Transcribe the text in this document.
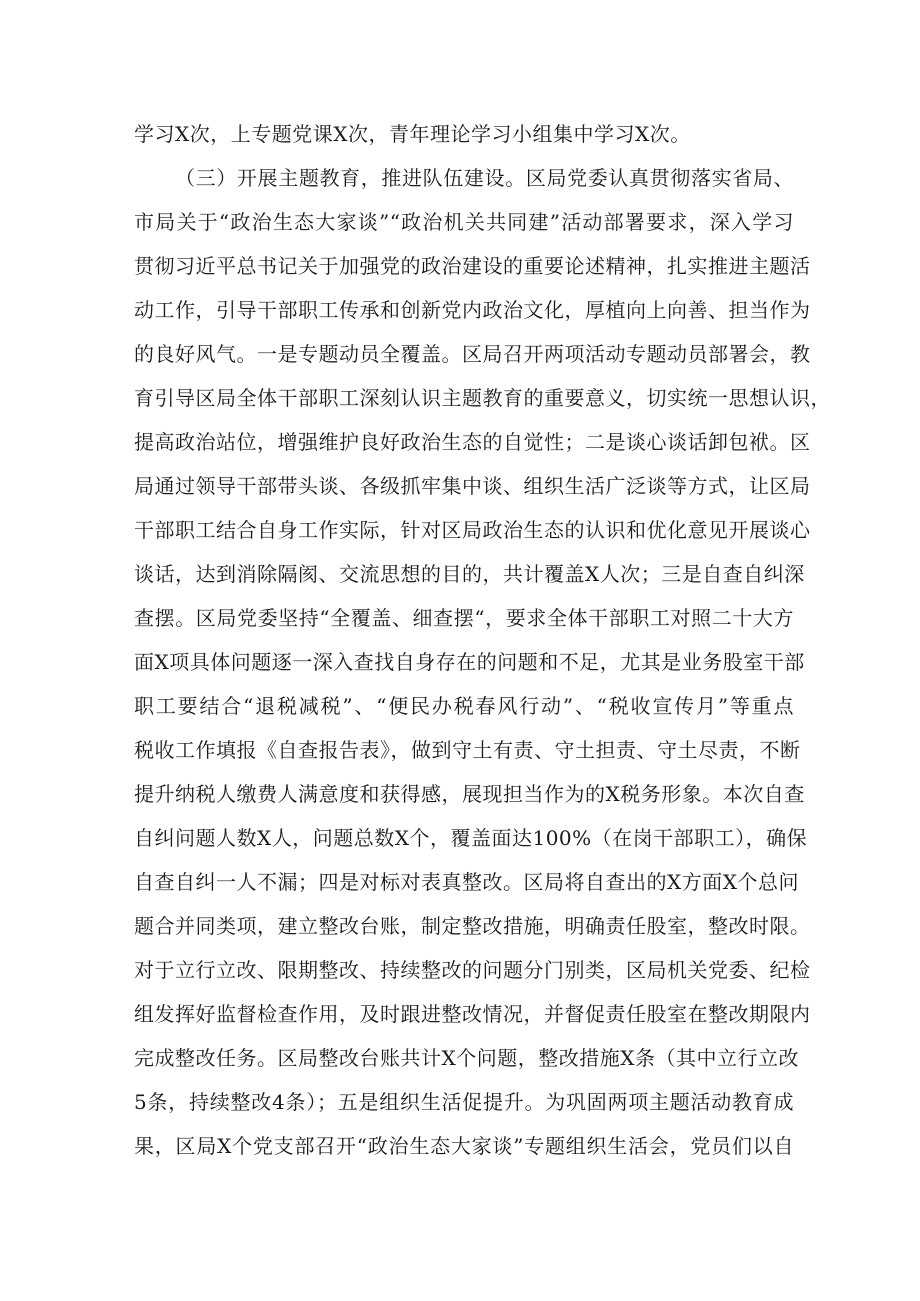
学习X次，上专题党课X次，青年理论学习小组集中学习X次。
（三）开展主题教育，推进队伍建设。区局党委认真贯彻落实省局、
市局关于“政治生态大家谈”“政治机关共同建”活动部署要求，深入学习
贯彻习近平总书记关于加强党的政治建设的重要论述精神，扎实推进主题活
动工作，引导干部职工传承和创新党内政治文化，厚植向上向善、担当作为
的良好风气。一是专题动员全覆盖。区局召开两项活动专题动员部署会，教
育引导区局全体干部职工深刻认识主题教育的重要意义，切实统一思想认识，
提高政治站位，增强维护良好政治生态的自觉性；二是谈心谈话卸包袱。区
局通过领导干部带头谈、各级抓牢集中谈、组织生活广泛谈等方式，让区局
干部职工结合自身工作实际，针对区局政治生态的认识和优化意见开展谈心
谈话，达到消除隔阂、交流思想的目的，共计覆盖X人次；三是自查自纠深
查摆。区局党委坚持“全覆盖、细查摆“，要求全体干部职工对照二十大方
面X项具体问题逐一深入查找自身存在的问题和不足，尤其是业务股室干部
职工要结合“退税减税”、“便民办税春风行动”、“税收宣传月”等重点
税收工作填报《自查报告表》，做到守土有责、守土担责、守土尽责，不断
提升纳税人缴费人满意度和获得感，展现担当作为的X税务形象。本次自查
自纠问题人数X人，问题总数X个，覆盖面达100%（在岗干部职工），确保
自查自纠一人不漏；四是对标对表真整改。区局将自查出的X方面X个总问
题合并同类项，建立整改台账，制定整改措施，明确责任股室，整改时限。
对于立行立改、限期整改、持续整改的问题分门别类，区局机关党委、纪检
组发挥好监督检查作用，及时跟进整改情况，并督促责任股室在整改期限内
完成整改任务。区局整改台账共计X个问题，整改措施X条（其中立行立改
5条，持续整改4条）；五是组织生活促提升。为巩固两项主题活动教育成
果，区局X个党支部召开“政治生态大家谈”专题组织生活会，党员们以自
